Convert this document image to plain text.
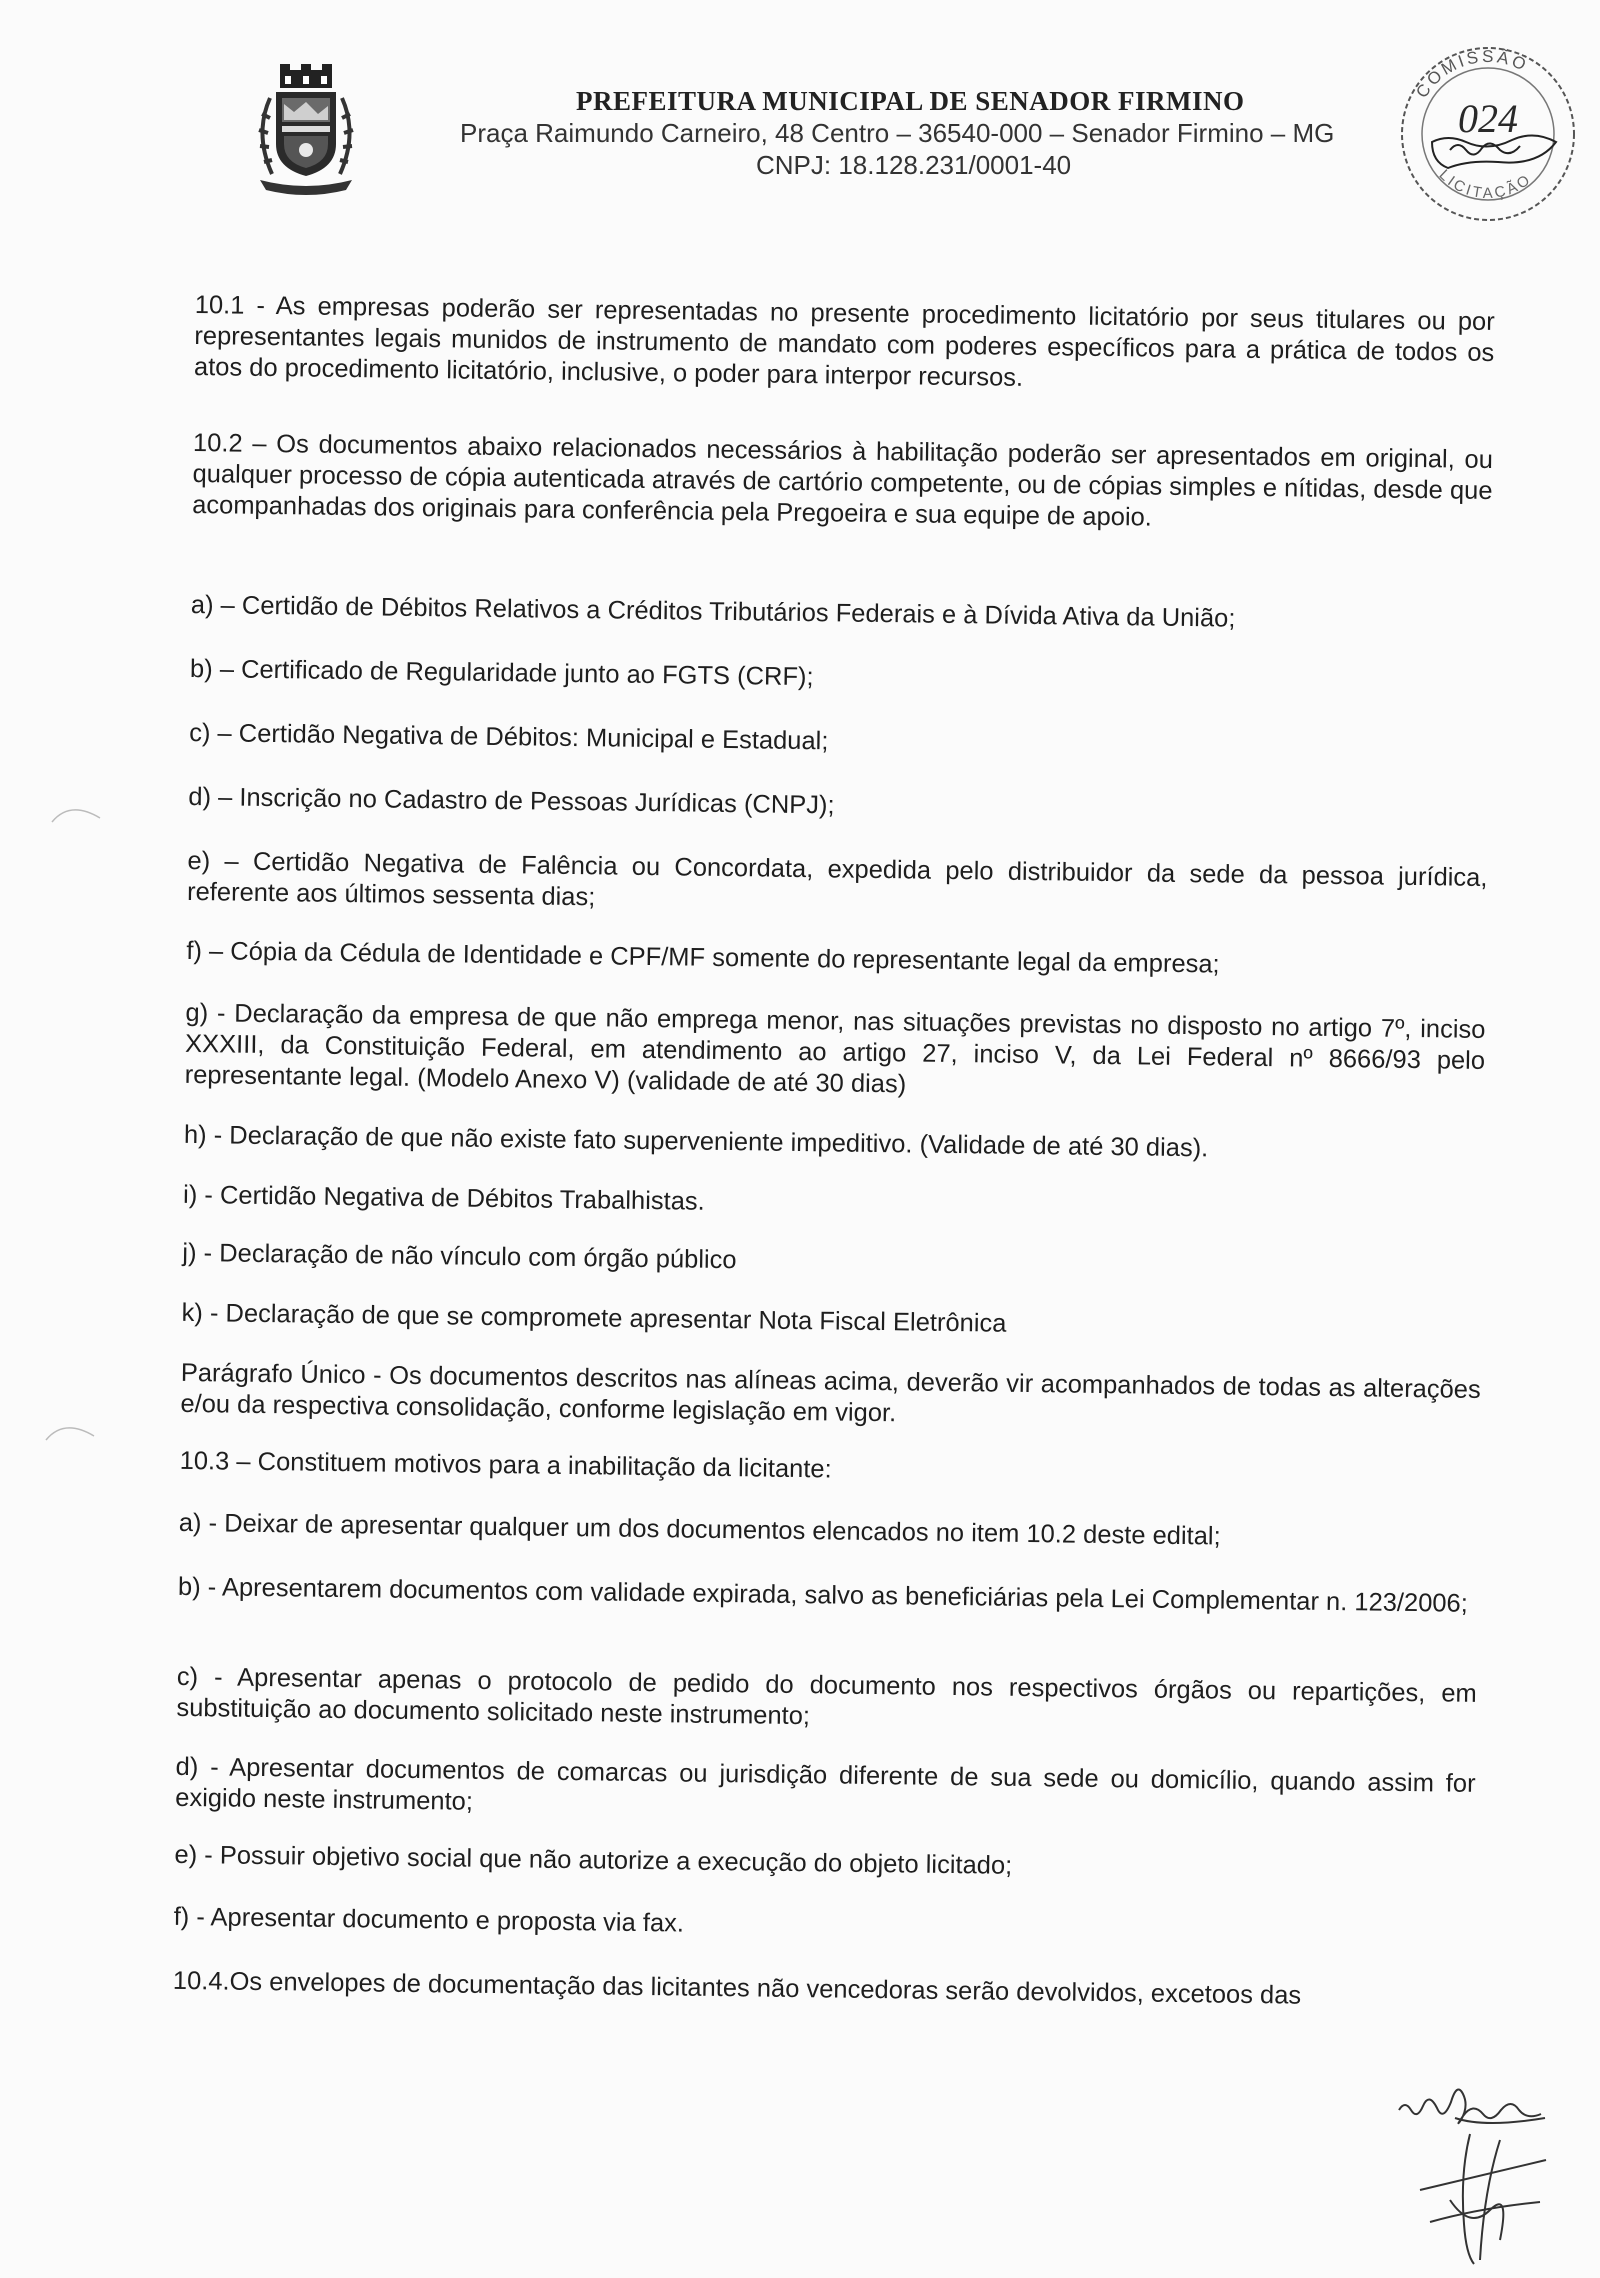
PREFEITURA MUNICIPAL DE SENADOR FIRMINO
Praça Raimundo Carneiro, 48 Centro – 36540-000 – Senador Firmino – MG
CNPJ: 18.128.231/0001-40
COMISSÃO
LICITAÇÃO
024

10.1 - As empresas poderão ser representadas no presente procedimento licitatório por seus titulares ou por representantes legais munidos de instrumento de mandato com poderes específicos para a prática de todos os atos do procedimento licitatório, inclusive, o poder para interpor recursos.

10.2 – Os documentos abaixo relacionados necessários à habilitação poderão ser apresentados em original, ou qualquer processo de cópia autenticada através de cartório competente, ou de cópias simples e nítidas, desde que acompanhadas dos originais para conferência pela Pregoeira e sua equipe de apoio.

a) – Certidão de Débitos Relativos a Créditos Tributários Federais e à Dívida Ativa da União;

b) – Certificado de Regularidade junto ao FGTS (CRF);

c) – Certidão Negativa de Débitos: Municipal e Estadual;

d) – Inscrição no Cadastro de Pessoas Jurídicas (CNPJ);

e) – Certidão Negativa de Falência ou Concordata, expedida pelo distribuidor da sede da pessoa jurídica, referente aos últimos sessenta dias;

f) – Cópia da Cédula de Identidade e CPF/MF somente do representante legal da empresa;

g) - Declaração da empresa de que não emprega menor, nas situações previstas no disposto no artigo 7º, inciso XXXIII, da Constituição Federal, em atendimento ao artigo 27, inciso V, da Lei Federal nº 8666/93 pelo representante legal. (Modelo Anexo V) (validade de até 30 dias)

h) - Declaração de que não existe fato superveniente impeditivo. (Validade de até 30 dias).

i) - Certidão Negativa de Débitos Trabalhistas.

j) - Declaração de não vínculo com órgão público

k) - Declaração de que se compromete apresentar Nota Fiscal Eletrônica

Parágrafo Único - Os documentos descritos nas alíneas acima, deverão vir acompanhados de todas as alterações e/ou da respectiva consolidação, conforme legislação em vigor.

10.3 – Constituem motivos para a inabilitação da licitante:

a) - Deixar de apresentar qualquer um dos documentos elencados no item 10.2 deste edital;

b) - Apresentarem documentos com validade expirada, salvo as beneficiárias pela Lei Complementar n. 123/2006;

c) - Apresentar apenas o protocolo de pedido do documento nos respectivos órgãos ou repartições, em substituição ao documento solicitado neste instrumento;

d) - Apresentar documentos de comarcas ou jurisdição diferente de sua sede ou domicílio, quando assim for exigido neste instrumento;

e) - Possuir objetivo social que não autorize a execução do objeto licitado;

f) - Apresentar documento e proposta via fax.

10.4.Os envelopes de documentação das licitantes não vencedoras serão devolvidos, excetoos das
